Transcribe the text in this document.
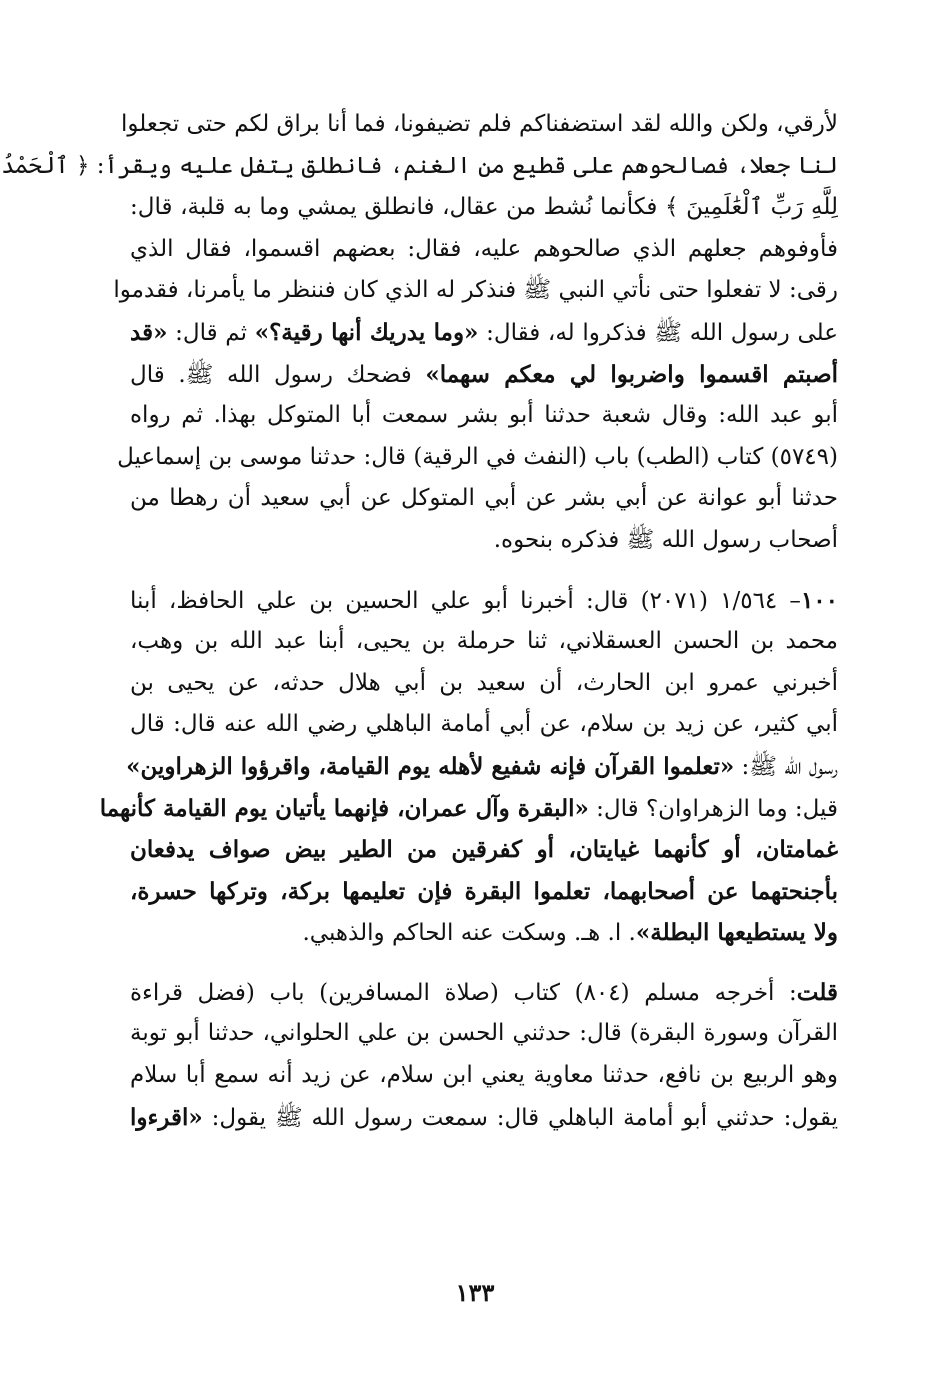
لأرقي، ولكن والله لقد استضفناكم فلم تضيفونا، فما أنا براق لكم حتى تجعلوا
لنا جعلا، فصالحوهم على قطيع من الغنم، فانطلق يتفل عليه ويقرأ: ﴿ ٱلْحَمْدُ
لِلَّهِ رَبِّ ٱلْعَٰلَمِينَ ﴾ فكأنما نُشط من عقال، فانطلق يمشي وما به قلبة، قال:
فأوفوهم جعلهم الذي صالحوهم عليه، فقال: بعضهم اقسموا، فقال الذي
رقى: لا تفعلوا حتى نأتي النبي ﷺ فنذكر له الذي كان فننظر ما يأمرنا، فقدموا
على رسول الله ﷺ فذكروا له، فقال: «وما يدريك أنها رقية؟» ثم قال: «قد
أصبتم اقسموا واضربوا لي معكم سهما» فضحك رسول الله ﷺ. قال
أبو عبد الله: وقال شعبة حدثنا أبو بشر سمعت أبا المتوكل بهذا. ثم رواه
(٥٧٤٩) كتاب (الطب) باب (النفث في الرقية) قال: حدثنا موسى بن إسماعيل
حدثنا أبو عوانة عن أبي بشر عن أبي المتوكل عن أبي سعيد أن رهطا من
أصحاب رسول الله ﷺ فذكره بنحوه.
١٠٠– ١/٥٦٤ (٢٠٧١) قال: أخبرنا أبو علي الحسين بن علي الحافظ، أبنا
محمد بن الحسن العسقلاني، ثنا حرملة بن يحيى، أبنا عبد الله بن وهب،
أخبرني عمرو ابن الحارث، أن سعيد بن أبي هلال حدثه، عن يحيى بن
أبي كثير، عن زيد بن سلام، عن أبي أمامة الباهلي رضي الله عنه قال: قال
رسول الله ﷺ: «تعلموا القرآن فإنه شفيع لأهله يوم القيامة، واقرؤوا الزهراوين»
قيل: وما الزهراوان؟ قال: «البقرة وآل عمران، فإنهما يأتيان يوم القيامة كأنهما
غمامتان، أو كأنهما غيايتان، أو كفرقين من الطير بيض صواف يدفعان
بأجنحتهما عن أصحابهما، تعلموا البقرة فإن تعليمها بركة، وتركها حسرة،
ولا يستطيعها البطلة». ا. هـ. وسكت عنه الحاكم والذهبي.
قلت: أخرجه مسلم (٨٠٤) كتاب (صلاة المسافرين) باب (فضل قراءة
القرآن وسورة البقرة) قال: حدثني الحسن بن علي الحلواني، حدثنا أبو توبة
وهو الربيع بن نافع، حدثنا معاوية يعني ابن سلام، عن زيد أنه سمع أبا سلام
يقول: حدثني أبو أمامة الباهلي قال: سمعت رسول الله ﷺ يقول: «اقرءوا
١٣٣
